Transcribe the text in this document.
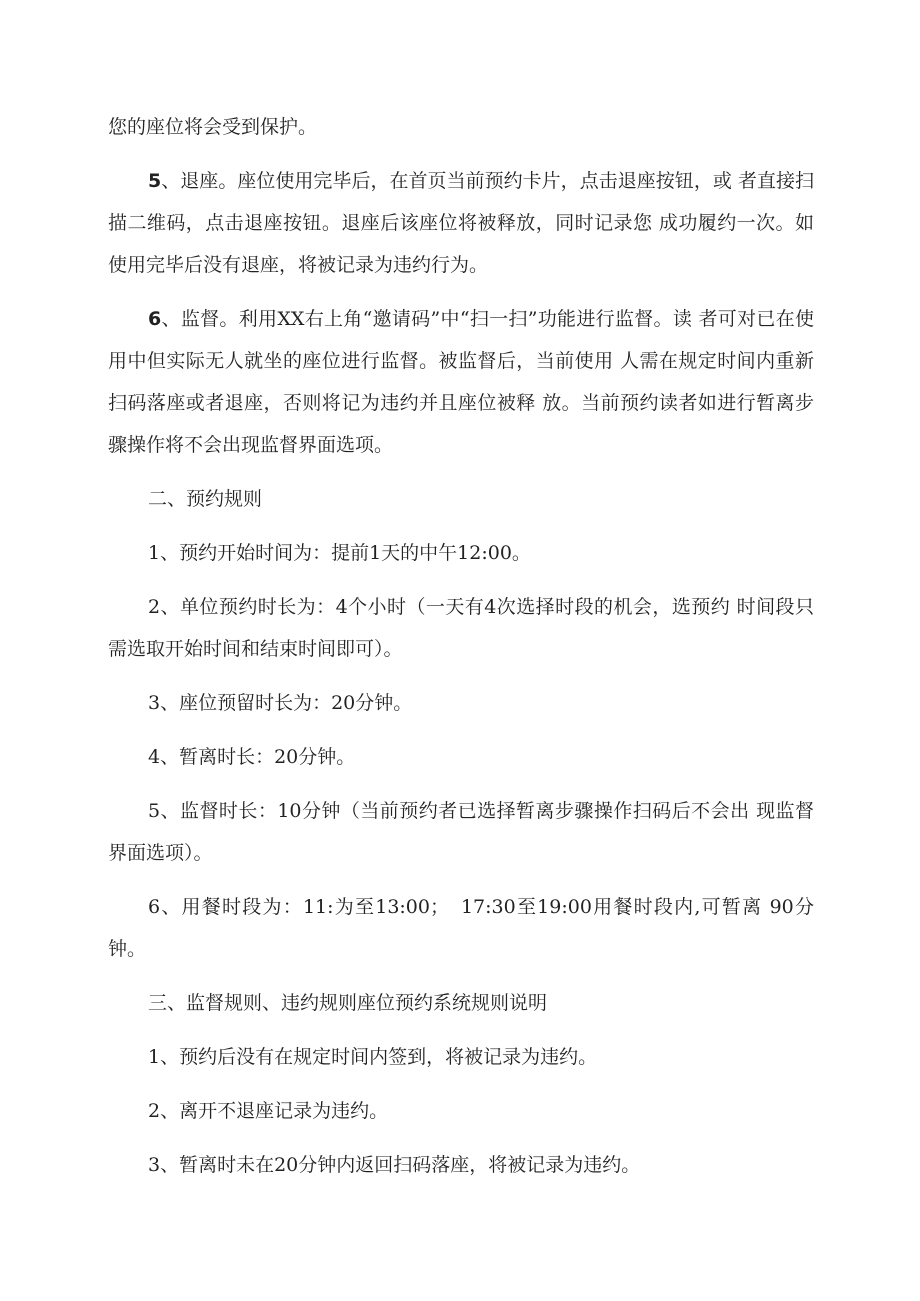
您的座位将会受到保护。

5、退座。座位使用完毕后，在首页当前预约卡片，点击退座按钮，或 者直接扫描二维码，点击退座按钮。退座后该座位将被释放，同时记录您 成功履约一次。如使用完毕后没有退座，将被记录为违约行为。

6、监督。利用XX右上角“邀请码”中“扫一扫”功能进行监督。读 者可对已在使用中但实际无人就坐的座位进行监督。被监督后，当前使用 人需在规定时间内重新扫码落座或者退座，否则将记为违约并且座位被释 放。当前预约读者如进行暂离步骤操作将不会出现监督界面选项。

二、预约规则

1、预约开始时间为：提前1天的中午12:00。

2、单位预约时长为：4个小时（一天有4次选择时段的机会，选预约 时间段只需选取开始时间和结束时间即可）。

3、座位预留时长为：20分钟。

4、暂离时长：20分钟。

5、监督时长：10分钟（当前预约者已选择暂离步骤操作扫码后不会出 现监督界面选项）。

6、用餐时段为：11:为至13:00；　17:30至19:00用餐时段内,可暂离 90分钟。

三、监督规则、违约规则座位预约系统规则说明

1、预约后没有在规定时间内签到，将被记录为违约。

2、离开不退座记录为违约。

3、暂离时未在20分钟内返回扫码落座，将被记录为违约。
